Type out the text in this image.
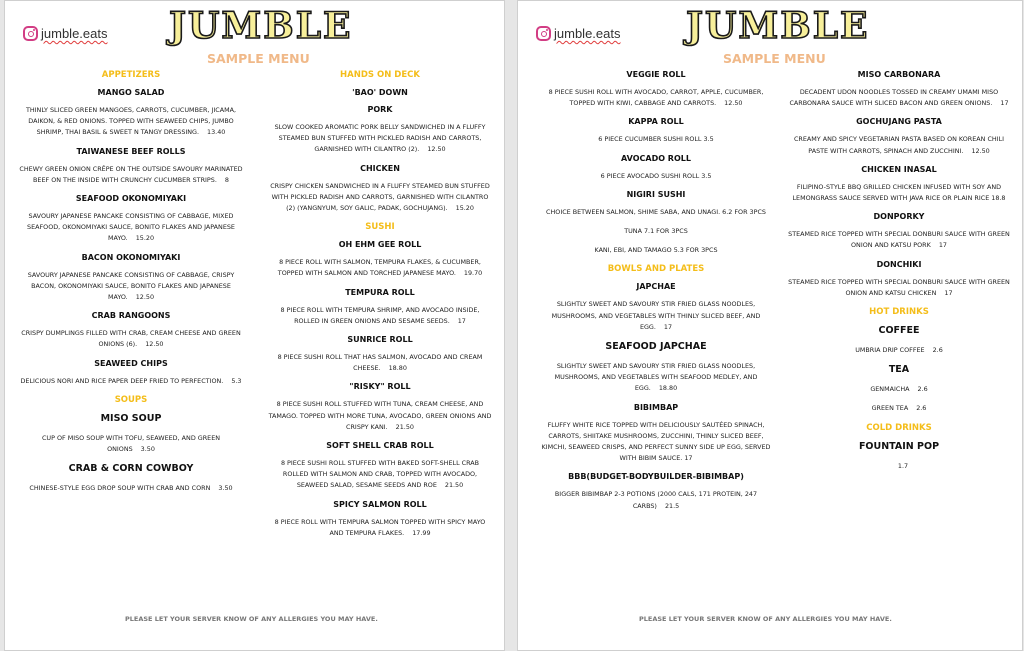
jumble.eats JUMBLE
SAMPLE MENU
APPETIZERS
MANGO SALAD
THINLY SLICED GREEN MANGOES, CARROTS, CUCUMBER, JICAMA, DAIKON, & RED ONIONS. TOPPED WITH SEAWEED CHIPS, JUMBO SHRIMP, THAI BASIL & SWEET N TANGY DRESSING. 13.40
TAIWANESE BEEF ROLLS
CHEWY GREEN ONION CRÊPE ON THE OUTSIDE SAVOURY MARINATED BEEF ON THE INSIDE WITH CRUNCHY CUCUMBER STRIPS. 8
SEAFOOD OKONOMIYAKI
SAVOURY JAPANESE PANCAKE CONSISTING OF CABBAGE, MIXED SEAFOOD, OKONOMIYAKI SAUCE, BONITO FLAKES AND JAPANESE MAYO. 15.20
BACON OKONOMIYAKI
SAVOURY JAPANESE PANCAKE CONSISTING OF CABBAGE, CRISPY BACON, OKONOMIYAKI SAUCE, BONITO FLAKES AND JAPANESE MAYO. 12.50
CRAB RANGOONS
CRISPY DUMPLINGS FILLED WITH CRAB, CREAM CHEESE AND GREEN ONIONS (6). 12.50
SEAWEED CHIPS
DELICIOUS NORI AND RICE PAPER DEEP FRIED TO PERFECTION. 5.3
SOUPS
MISO SOUP
CUP OF MISO SOUP WITH TOFU, SEAWEED, AND GREEN ONIONS 3.50
CRAB & CORN COWBOY
CHINESE-STYLE EGG DROP SOUP WITH CRAB AND CORN 3.50
HANDS ON DECK
'BAO' DOWN
PORK
SLOW COOKED AROMATIC PORK BELLY SANDWICHED IN A FLUFFY STEAMED BUN STUFFED WITH PICKLED RADISH AND CARROTS, GARNISHED WITH CILANTRO (2). 12.50
CHICKEN
CRISPY CHICKEN SANDWICHED IN A FLUFFY STEAMED BUN STUFFED WITH PICKLED RADISH AND CARROTS, GARNISHED WITH CILANTRO (2) (YANGNYUM, SOY GALIC, PADAK, GOCHUJANG). 15.20
SUSHI
OH EHM GEE ROLL
8 PIECE ROLL WITH SALMON, TEMPURA FLAKES, & CUCUMBER, TOPPED WITH SALMON AND TORCHED JAPANESE MAYO. 19.70
TEMPURA ROLL
8 PIECE ROLL WITH TEMPURA SHRIMP, AND AVOCADO INSIDE, ROLLED IN GREEN ONIONS AND SESAME SEEDS. 17
SUNRICE ROLL
8 PIECE SUSHI ROLL THAT HAS SALMON, AVOCADO AND CREAM CHEESE. 18.80
"RISKY" ROLL
8 PIECE SUSHI ROLL STUFFED WITH TUNA, CREAM CHEESE, AND TAMAGO. TOPPED WITH MORE TUNA, AVOCADO, GREEN ONIONS AND CRISPY KANI. 21.50
SOFT SHELL CRAB ROLL
8 PIECE SUSHI ROLL STUFFED WITH BAKED SOFT-SHELL CRAB ROLLED WITH SALMON AND CRAB, TOPPED WITH AVOCADO, SEAWEED SALAD, SESAME SEEDS AND ROE 21.50
SPICY SALMON ROLL
8 PIECE ROLL WITH TEMPURA SALMON TOPPED WITH SPICY MAYO AND TEMPURA FLAKES. 17.99
PLEASE LET YOUR SERVER KNOW OF ANY ALLERGIES YOU MAY HAVE.
jumble.eats JUMBLE
SAMPLE MENU
VEGGIE ROLL
8 PIECE SUSHI ROLL WITH AVOCADO, CARROT, APPLE, CUCUMBER, TOPPED WITH KIWI, CABBAGE AND CARROTS. 12.50
KAPPA ROLL
6 PIECE CUCUMBER SUSHI ROLL 3.5
AVOCADO ROLL
6 PIECE AVOCADO SUSHI ROLL 3.5
NIGIRI SUSHI
CHOICE BETWEEN SALMON, SHIME SABA, AND UNAGI. 6.2 FOR 3PCS
TUNA 7.1 FOR 3PCS
KANI, EBI, AND TAMAGO 5.3 FOR 3PCS
BOWLS AND PLATES
JAPCHAE
SLIGHTLY SWEET AND SAVOURY STIR FRIED GLASS NOODLES, MUSHROOMS, AND VEGETABLES WITH THINLY SLICED BEEF, AND EGG. 17
SEAFOOD JAPCHAE
SLIGHTLY SWEET AND SAVOURY STIR FRIED GLASS NOODLES, MUSHROOMS, AND VEGETABLES WITH SEAFOOD MEDLEY, AND EGG. 18.80
BIBIMBAP
FLUFFY WHITE RICE TOPPED WITH DELICIOUSLY SAUTÉED SPINACH, CARROTS, SHIITAKE MUSHROOMS, ZUCCHINI, THINLY SLICED BEEF, KIMCHI, SEAWEED CRISPS, AND PERFECT SUNNY SIDE UP EGG, SERVED WITH BIBIM SAUCE. 17
BBB(BUDGET-BODYBUILDER-BIBIMBAP)
BIGGER BIBIMBAP 2-3 POTIONS (2000 CALS, 171 PROTEIN, 247 CARBS) 21.5
MISO CARBONARA
DECADENT UDON NOODLES TOSSED IN CREAMY UMAMI MISO CARBONARA SAUCE WITH SLICED BACON AND GREEN ONIONS. 17
GOCHUJANG PASTA
CREAMY AND SPICY VEGETARIAN PASTA BASED ON KOREAN CHILI PASTE WITH CARROTS, SPINACH AND ZUCCHINI. 12.50
CHICKEN INASAL
FILIPINO-STYLE BBQ GRILLED CHICKEN INFUSED WITH SOY AND LEMONGRASS SAUCE SERVED WITH JAVA RICE OR PLAIN RICE 18.8
DONPORKY
STEAMED RICE TOPPED WITH SPECIAL DONBURI SAUCE WITH GREEN ONION AND KATSU PORK 17
DONCHIKI
STEAMED RICE TOPPED WITH SPECIAL DONBURI SAUCE WITH GREEN ONION AND KATSU CHICKEN 17
HOT DRINKS
COFFEE
UMBRIA DRIP COFFEE 2.6
TEA
GENMAICHA 2.6
GREEN TEA 2.6
COLD DRINKS
FOUNTAIN POP
1.7
PLEASE LET YOUR SERVER KNOW OF ANY ALLERGIES YOU MAY HAVE.
